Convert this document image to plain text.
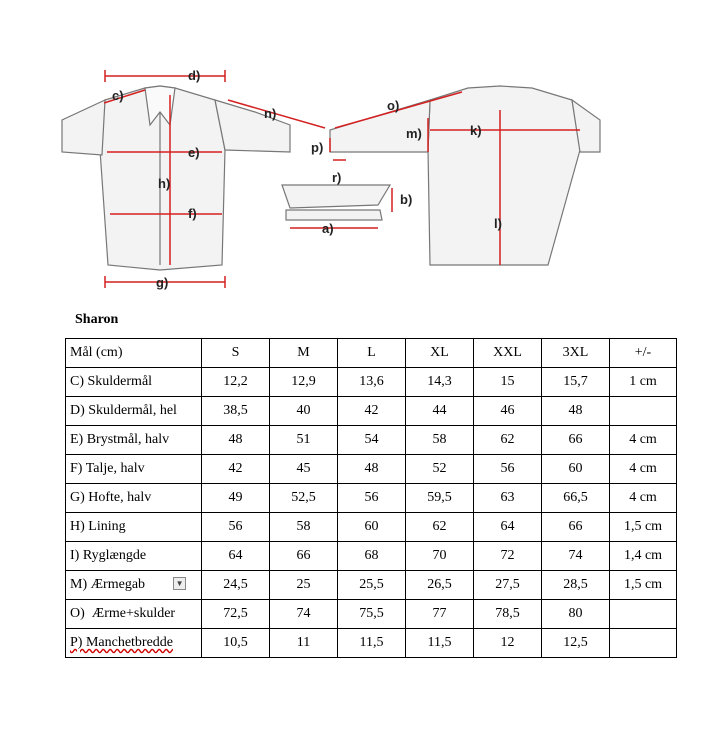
d)
c)
n)
o)
m)	k)
e)	p)
h)	r)
b)
f)
a)	l)
g)
Sharon
Mål (cm)	S	M	L	XL	XXL	3XL	+/-
C) Skuldermål	12,2	12,9	13,6	14,3	15	15,7	1 cm
D) Skuldermål, hel	38,5	40	42	44	46	48	
E) Brystmål, halv	48	51	54	58	62	66	4 cm
F) Talje, halv	42	45	48	52	56	60	4 cm
G) Hofte, halv	49	52,5	56	59,5	63	66,5	4 cm
H) Lining	56	58	60	62	64	66	1,5 cm
I) Ryglængde	64	66	68	70	72	74	1,4 cm
M) Ærmegab ▼	24,5	25	25,5	26,5	27,5	28,5	1,5 cm
O)  Ærme+skulder	72,5	74	75,5	77	78,5	80	
P) Manchetbredde	10,5	11	11,5	11,5	12	12,5	
